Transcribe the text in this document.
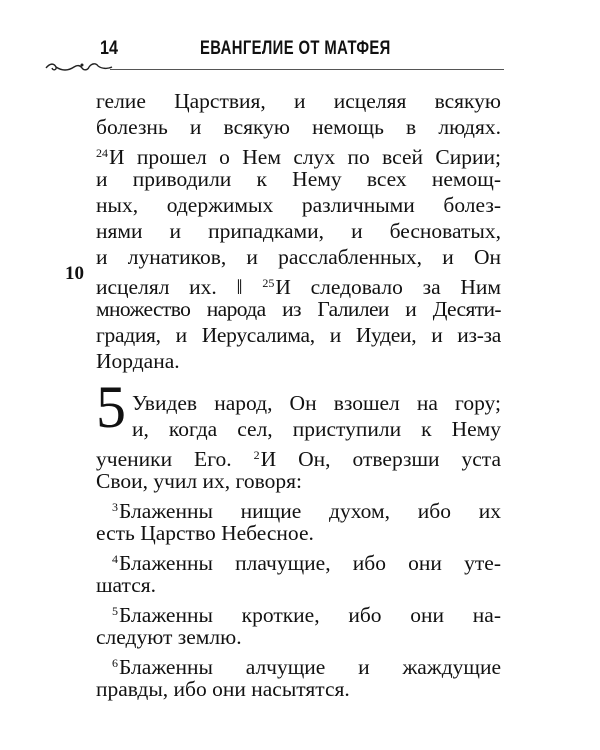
14	ЕВАНГЕЛИЕ ОТ МАТФЕЯ
10
5
гелие Царствия, и исцеляя всякую
болезнь и всякую немощь в людях.
$^{24}$И прошел о Нем слух по всей Сирии;
и приводили к Нему всех немощ-
ных, одержимых различными болез-
нями и припадками, и бесноватых,
и лунатиков, и расслабленных, и Он
исцелял их. ‖ $^{25}$И следовало за Ним
множество народа из Галилеи и Десяти-
градия, и Иерусалима, и Иудеи, и из-за
Иордана.
Увидев народ, Он взошел на гору;
и, когда сел, приступили к Нему
ученики Его. $^2$И Он, отверзши уста
Свои, учил их, говоря:
$^3$Блаженны нищие духом, ибо их
есть Царство Небесное.
$^4$Блаженны плачущие, ибо они уте-
шатся.
$^5$Блаженны кроткие, ибо они на-
следуют землю.
$^6$Блаженны алчущие и жаждущие
правды, ибо они насытятся.
